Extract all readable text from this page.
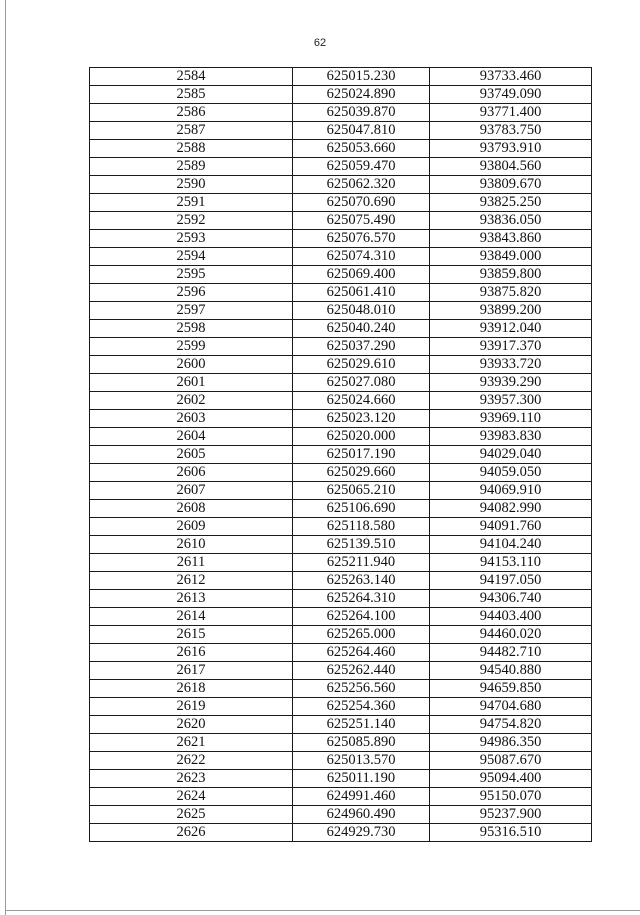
62
2584	625015.230	93733.460
2585	625024.890	93749.090
2586	625039.870	93771.400
2587	625047.810	93783.750
2588	625053.660	93793.910
2589	625059.470	93804.560
2590	625062.320	93809.670
2591	625070.690	93825.250
2592	625075.490	93836.050
2593	625076.570	93843.860
2594	625074.310	93849.000
2595	625069.400	93859.800
2596	625061.410	93875.820
2597	625048.010	93899.200
2598	625040.240	93912.040
2599	625037.290	93917.370
2600	625029.610	93933.720
2601	625027.080	93939.290
2602	625024.660	93957.300
2603	625023.120	93969.110
2604	625020.000	93983.830
2605	625017.190	94029.040
2606	625029.660	94059.050
2607	625065.210	94069.910
2608	625106.690	94082.990
2609	625118.580	94091.760
2610	625139.510	94104.240
2611	625211.940	94153.110
2612	625263.140	94197.050
2613	625264.310	94306.740
2614	625264.100	94403.400
2615	625265.000	94460.020
2616	625264.460	94482.710
2617	625262.440	94540.880
2618	625256.560	94659.850
2619	625254.360	94704.680
2620	625251.140	94754.820
2621	625085.890	94986.350
2622	625013.570	95087.670
2623	625011.190	95094.400
2624	624991.460	95150.070
2625	624960.490	95237.900
2626	624929.730	95316.510
